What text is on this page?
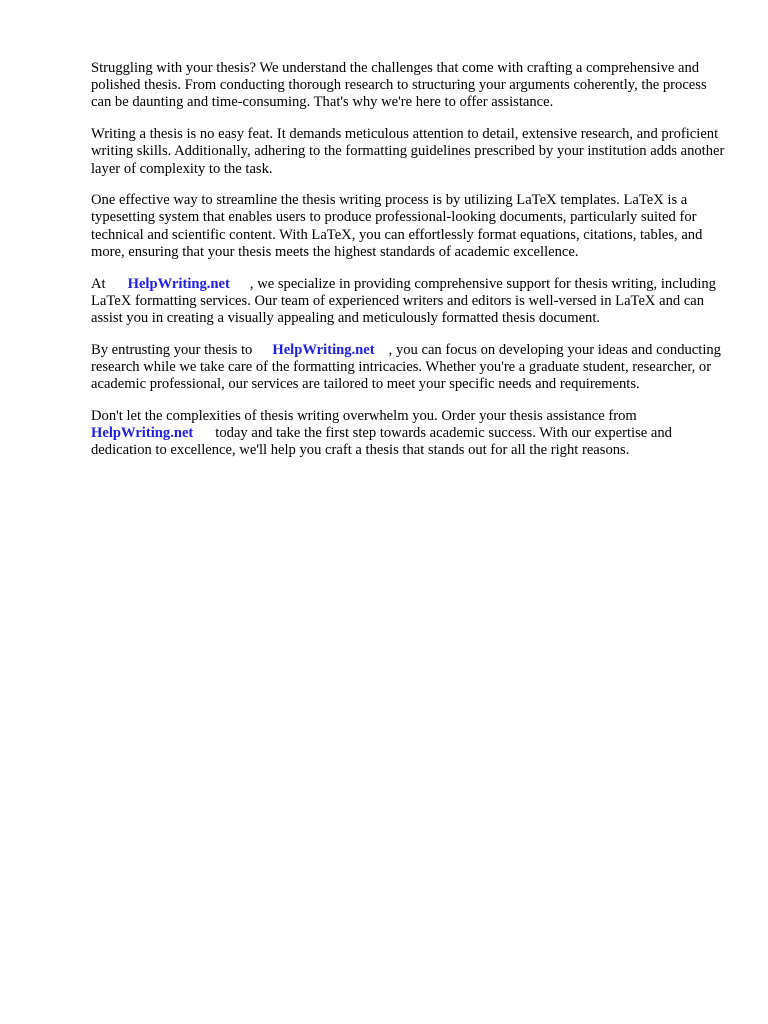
Struggling with your thesis? We understand the challenges that come with crafting a comprehensive and polished thesis. From conducting thorough research to structuring your arguments coherently, the process can be daunting and time-consuming. That's why we're here to offer assistance.

Writing a thesis is no easy feat. It demands meticulous attention to detail, extensive research, and proficient writing skills. Additionally, adhering to the formatting guidelines prescribed by your institution adds another layer of complexity to the task.

One effective way to streamline the thesis writing process is by utilizing LaTeX templates. LaTeX is a typesetting system that enables users to produce professional-looking documents, particularly suited for technical and scientific content. With LaTeX, you can effortlessly format equations, citations, tables, and more, ensuring that your thesis meets the highest standards of academic excellence.

At HelpWriting.net , we specialize in providing comprehensive support for thesis writing, including LaTeX formatting services. Our team of experienced writers and editors is well-versed in LaTeX and can assist you in creating a visually appealing and meticulously formatted thesis document.

By entrusting your thesis to HelpWriting.net , you can focus on developing your ideas and conducting research while we take care of the formatting intricacies. Whether you're a graduate student, researcher, or academic professional, our services are tailored to meet your specific needs and requirements.

Don't let the complexities of thesis writing overwhelm you. Order your thesis assistance from HelpWriting.net today and take the first step towards academic success. With our expertise and dedication to excellence, we'll help you craft a thesis that stands out for all the right reasons.
